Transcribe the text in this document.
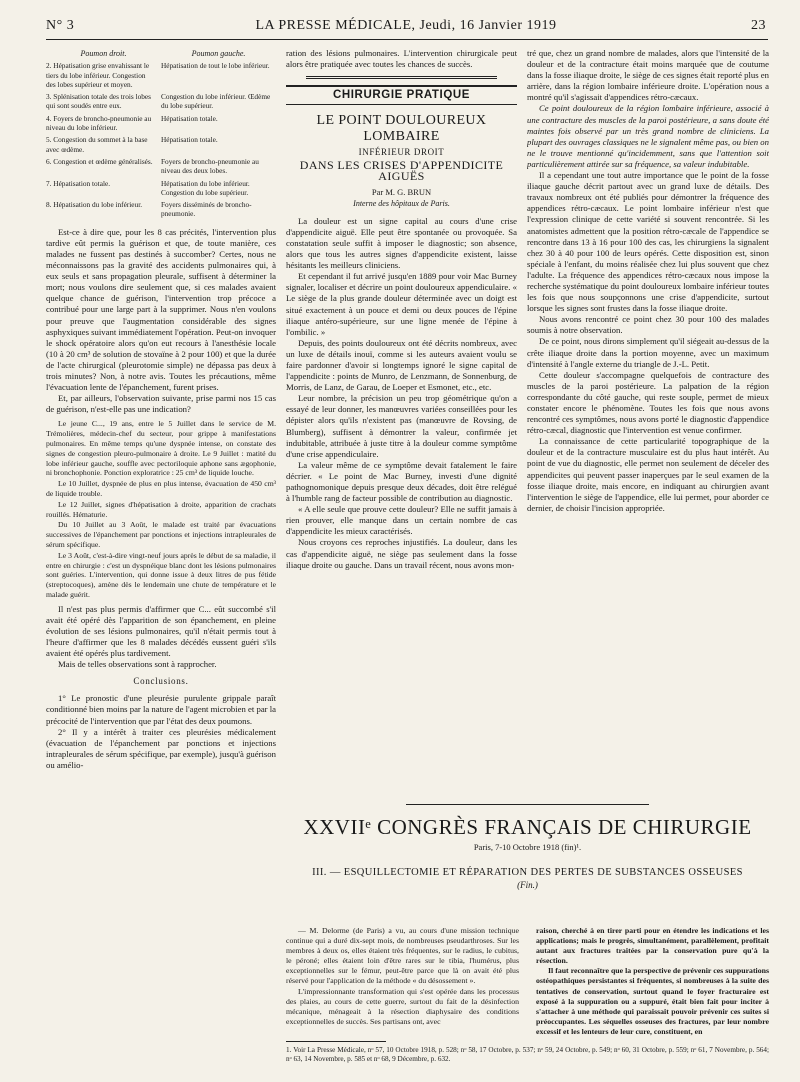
N° 3	LA PRESSE MÉDICALE, Jeudi, 16 Janvier 1919	23
Poumon droit.	Poumon gauche.
2. Hépatisation grise envahissant le tiers du lobe inférieur. Congestion des lobes supérieur et moyen.	Hépatisation de tout le lobe inférieur.
3. Splénisation totale des trois lobes qui sont soudés entre eux.	Congestion du lobe inférieur. Œdème du lobe supérieur.
4. Foyers de broncho-pneumonie au niveau du lobe inférieur.	Hépatisation totale.
5. Congestion du sommet à la base avec œdème.	Hépatisation totale.
6. Congestion et œdème généralisés.	Foyers de broncho-pneumonie au niveau des deux lobes.
7. Hépatisation totale.	Hépatisation du lobe inférieur. Congestion du lobe supérieur.
8. Hépatisation du lobe inférieur.	Foyers disséminés de broncho-pneumonie.

Est-ce à dire que, pour les 8 cas précités, l'intervention plus tardive eût permis la guérison et que, de toute manière, ces malades ne fussent pas destinés à succomber? Certes, nous ne méconnaissons pas la gravité des accidents pulmonaires qui, à eux seuls et sans propagation pleurale, suffisent à déterminer la mort; nous voulons dire seulement que, si ces malades avaient quelque chance de guérison, l'intervention trop précoce a contribué pour une large part à la supprimer. Nous n'en voulons pour preuve que l'augmentation considérable des signes asphyxiques suivant immédiatement l'opération. Peut-on invoquer le shock opératoire alors qu'on eut recours à l'anesthésie locale (10 à 20 cm³ de solution de stovaïne à 2 pour 100) et que la durée de l'acte chirurgical (pleurotomie simple) ne dépassa pas deux à trois minutes? Non, à notre avis. Toutes les précautions, même l'évacuation lente de l'épanchement, furent prises.

Et, par ailleurs, l'observation suivante, prise parmi nos 15 cas de guérison, n'est-elle pas une indication?

Le jeune C..., 19 ans, entre le 5 Juillet dans le service de M. Trémolières, médecin-chef du secteur, pour grippe à manifestations pulmonaires. En même temps qu'une dyspnée intense, on constate des signes de congestion pleuro-pulmonaire à droite. Le 9 Juillet : matité du lobe inférieur gauche, souffle avec pectoriloquie aphone sans ægophonie, ni bronchophonie. Ponction exploratrice : 25 cm³ de liquide louche.

Le 10 Juillet, dyspnée de plus en plus intense, évacuation de 450 cm³ de liquide trouble.

Le 12 Juillet, signes d'hépatisation à droite, apparition de crachats rouillés. Hématurie.

Du 10 Juillet au 3 Août, le malade est traité par évacuations successives de l'épanchement par ponctions et injections intrapleurales de sérum spécifique.

Le 3 Août, c'est-à-dire vingt-neuf jours après le début de sa maladie, il entre en chirurgie : c'est un dyspnéique blanc dont les lésions pulmonaires sont guéries. L'intervention, qui donne issue à deux litres de pus fétide (streptocoques), amène dès le lendemain une chute de température et le malade guérit.

Il n'est pas plus permis d'affirmer que C... eût succombé s'il avait été opéré dès l'apparition de son épanchement, en pleine évolution de ses lésions pulmonaires, qu'il n'était permis tout à l'heure d'affirmer que les 8 malades décédés eussent guéri s'ils avaient été opérés plus tardivement.

Mais de telles observations sont à rapprocher.

Conclusions.

1° Le pronostic d'une pleurésie purulente grippale paraît conditionné bien moins par la nature de l'agent microbien et par la précocité de l'intervention que par l'état des deux poumons.

2° Il y a intérêt à traiter ces pleurésies médicalement (évacuation de l'épanchement par ponctions et injections intrapleurales de sérum spécifique, par exemple), jusqu'à guérison ou amélio-

ration des lésions pulmonaires. L'intervention chirurgicale peut alors être pratiquée avec toutes les chances de succès.

CHIRURGIE PRATIQUE
LE POINT DOULOUREUX LOMBAIRE
INFÉRIEUR DROIT
DANS LES CRISES D'APPENDICITE AIGUËS
Par M. G. BRUN
Interne des hôpitaux de Paris.

La douleur est un signe capital au cours d'une crise d'appendicite aiguë. Elle peut être spontanée ou provoquée. Sa constatation seule suffit à imposer le diagnostic; son absence, alors que tous les autres signes d'appendicite existent, laisse hésitants les meilleurs cliniciens.

Et cependant il fut arrivé jusqu'en 1889 pour voir Mac Burney signaler, localiser et décrire un point douloureux appendiculaire. « Le siège de la plus grande douleur déterminée avec un doigt est situé exactement à un pouce et demi ou deux pouces de l'épine iliaque antéro-supérieure, sur une ligne menée de l'épine à l'ombilic. »

Depuis, des points douloureux ont été décrits nombreux, avec un luxe de détails inouï, comme si les auteurs avaient voulu se faire pardonner d'avoir si longtemps ignoré le signe capital de l'appendicite : points de Munro, de Lenzmann, de Sonnenburg, de Morris, de Lanz, de Garau, de Loeper et Esmonet, etc., etc.

Leur nombre, la précision un peu trop géométrique qu'on a essayé de leur donner, les manœuvres variées conseillées pour les dépister alors qu'ils n'existent pas (manœuvre de Rovsing, de Blumberg), suffisent à démontrer la valeur, confirmée jet indubitable, attribuée à juste titre à la douleur comme symptôme d'une crise appendiculaire.

La valeur même de ce symptôme devait fatalement le faire décrier. « Le point de Mac Burney, investi d'une dignité pathognomonique depuis presque deux décades, doit être relégué à l'humble rang de facteur possible de contribution au diagnostic.

« A elle seule que prouve cette douleur? Elle ne suffit jamais à rien prouver, elle manque dans un certain nombre de cas d'appendicite les mieux caractérisés.

Nous croyons ces reproches injustifiés. La douleur, dans les cas d'appendicite aiguë, ne siège pas seulement dans la fosse iliaque droite ou gauche. Dans un travail récent, nous avons mon-

tré que, chez un grand nombre de malades, alors que l'intensité de la douleur et de la contracture était moins marquée que de coutume dans la fosse iliaque droite, le siège de ces signes était reporté plus en arrière, dans la région lombaire inférieure droite. L'opération nous a montré qu'il s'agissait d'appendices rétro-cæcaux.

Ce point douloureux de la région lombaire inférieure, associé à une contracture des muscles de la paroi postérieure, a sans doute été maintes fois observé par un très grand nombre de cliniciens. La plupart des ouvrages classiques ne le signalent même pas, ou bien on ne le trouve mentionné qu'incidemment, sans que l'attention soit particulièrement attirée sur sa fréquence, sa valeur indubitable.

Il a cependant une tout autre importance que le point de la fosse iliaque gauche décrit partout avec un grand luxe de détails. Des travaux nombreux ont été publiés pour démontrer la fréquence des appendices rétro-cæcaux. Le point lombaire inférieur n'est que l'expression clinique de cette variété si souvent rencontrée. Si les anatomistes admettent que la position rétro-cæcale de l'appendice se rencontre dans 13 à 16 pour 100 des cas, les chirurgiens la signalent chez 30 à 40 pour 100 de leurs opérés. Cette disposition est, sinon spéciale à l'enfant, du moins réalisée chez lui plus souvent que chez l'adulte. La fréquence des appendices rétro-cæcaux nous impose la recherche systématique du point douloureux lombaire inférieur toutes les fois que nous soupçonnons une crise d'appendicite, surtout lorsque les signes sont frustes dans la fosse iliaque droite.

Nous avons rencontré ce point chez 30 pour 100 des malades soumis à notre observation.

De ce point, nous dirons simplement qu'il siégeait au-dessus de la crête iliaque droite dans la portion moyenne, avec un maximum d'intensité à l'angle externe du triangle de J.-L. Petit.

Cette douleur s'accompagne quelquefois de contracture des muscles de la paroi postérieure. La palpation de la région correspondante du côté gauche, qui reste souple, permet de mieux constater encore le phénomène. Toutes les fois que nous avons rencontré ces symptômes, nous avons porté le diagnostic d'appendice rétro-cæcal, diagnostic que l'intervention est venue confirmer.

La connaissance de cette particularité topographique de la douleur et de la contracture musculaire est du plus haut intérêt. Au point de vue du diagnostic, elle permet non seulement de déceler des appendicites qui peuvent passer inaperçues par le seul examen de la fosse iliaque droite, mais encore, en indiquant au chirurgien avant l'intervention le siège de l'appendice, elle lui permet, pour aborder ce dernier, de choisir l'incision appropriée.

XXVIIᵉ CONGRÈS FRANÇAIS DE CHIRURGIE
Paris, 7-10 Octobre 1918 (fin)¹.
III. — ESQUILLECTOMIE ET RÉPARATION DES PERTES DE SUBSTANCES OSSEUSES
(Fin.)

— M. Delorme (de Paris) a vu, au cours d'une mission technique continue qui a duré dix-sept mois, de nombreuses pseudarthroses. Sur les membres à deux os, elles étaient très fréquentes, sur le radius, le cubitus, le péroné; elles étaient loin d'être rares sur le tibia, l'humérus, plus exceptionnelles sur le fémur, peut-être parce que là on avait été plus réservé pour l'application de la méthode « du désossement ».

L'impressionnante transformation qui s'est opérée dans les processus des plaies, au cours de cette guerre, surtout du fait de la désinfection mécanique, ménageait à la résection diaphysaire des conditions exceptionnelles de succès. Ses partisans ont, avec

raison, cherché à en tirer parti pour en étendre les indications et les applications; mais le progrès, simultanément, parallèlement, profitait autant aux fractures traitées par la conservation pure qu'à la résection.

Il faut reconnaître que la perspective de prévenir ces suppurations ostéopathiques persistantes si fréquentes, si nombreuses à la suite des tentatives de conservation, surtout quand le foyer fracturaire est exposé à la suppuration ou a suppuré, était bien fait pour inciter à s'attacher à une méthode qui paraissait pouvoir prévenir ces suites si préoccupantes. Les séquelles osseuses des fractures, par leur nombre excessif et les lenteurs de leur cure, constituent, en

1. Voir La Presse Médicale, nᵒ 57, 10 Octobre 1918, p. 528; nᵒ 58, 17 Octobre, p. 537; nᵒ 59, 24 Octobre, p. 549; nᵒ 60, 31 Octobre, p. 559; nᵒ 61, 7 Novembre, p. 564; nᵒ 63, 14 Novembre, p. 585 et nᵒ 68, 9 Décembre, p. 632.
